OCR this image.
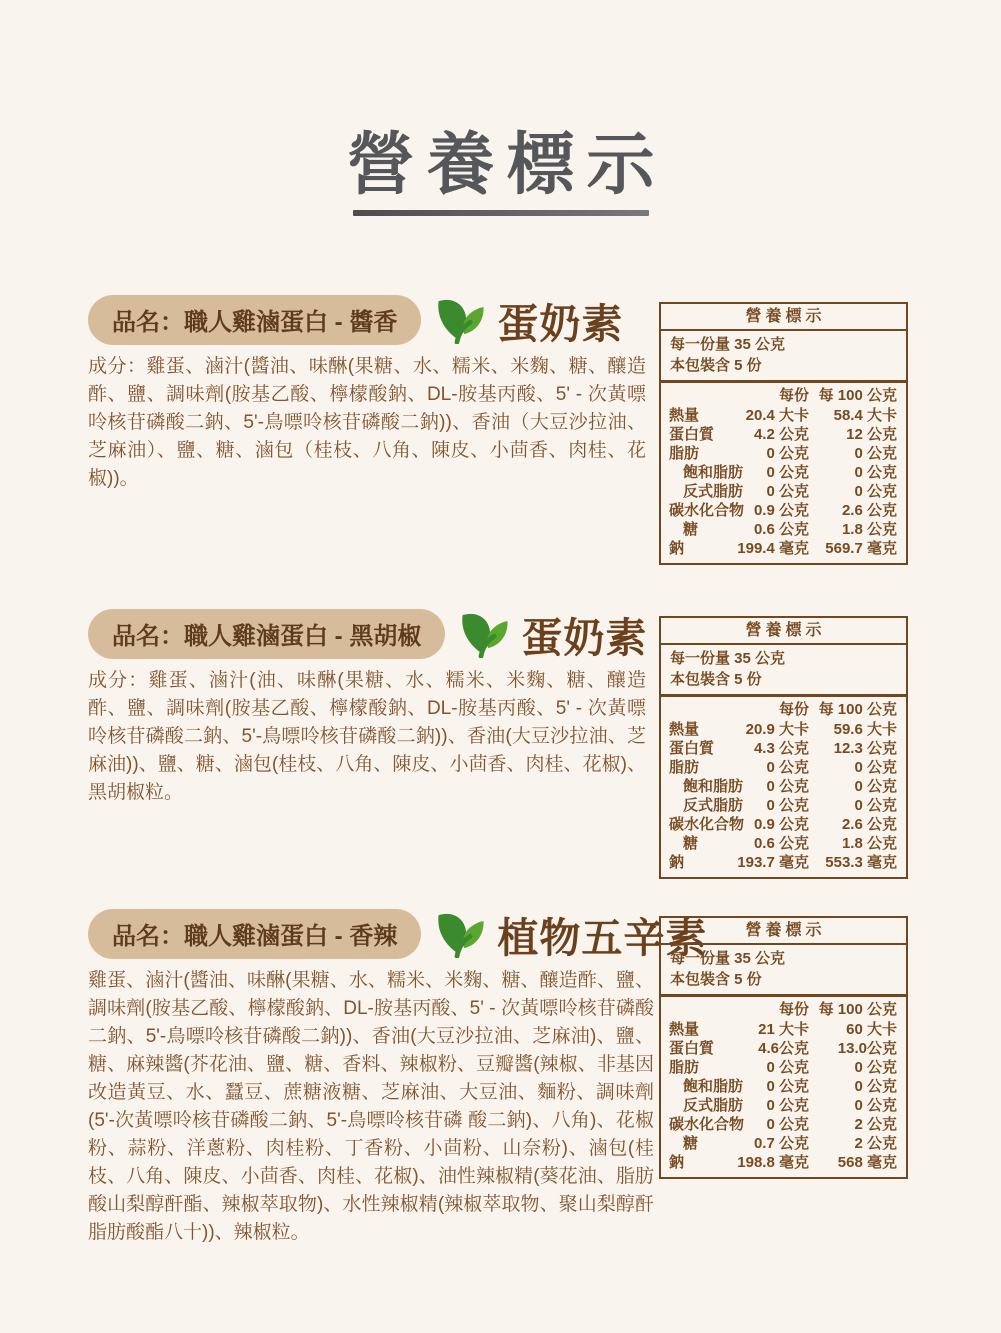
營養標示
品名：職人雞滷蛋白 - 醬香	蛋奶素

成分：雞蛋、滷汁(醬油、味醂(果糖、水、糯米、米麴、糖、釀造酢、鹽、調味劑(胺基乙酸、檸檬酸鈉、DL-胺基丙酸、5' - 次黃嘌呤核苷磷酸二鈉、5'-鳥嘌呤核苷磷酸二鈉))、香油（大豆沙拉油、芝麻油）、鹽、糖、滷包（桂枝、八角、陳皮、小茴香、肉桂、花椒))。

營養標示
每一份量 35 公克
本包裝含 5 份
每份 每 100 公克
熱量	20.4 大卡	58.4 大卡
蛋白質	4.2 公克	12 公克
脂肪	0 公克	0 公克
飽和脂肪	0 公克	0 公克
反式脂肪	0 公克	0 公克
碳水化合物 0.9 公克	2.6 公克
糖	0.6 公克	1.8 公克
鈉	199.4 毫克	569.7 毫克
品名：職人雞滷蛋白 - 黑胡椒	蛋奶素

成分：雞蛋、滷汁(油、味醂(果糖、水、糯米、米麴、糖、釀造酢、鹽、調味劑(胺基乙酸、檸檬酸鈉、DL-胺基丙酸、5' - 次黃嘌呤核苷磷酸二鈉、5'-鳥嘌呤核苷磷酸二鈉))、香油(大豆沙拉油、芝麻油))、鹽、糖、滷包(桂枝、八角、陳皮、小茴香、肉桂、花椒)、黑胡椒粒。

營養標示
每一份量 35 公克
本包裝含 5 份
每份 每 100 公克
熱量	20.9 大卡	59.6 大卡
蛋白質	4.3 公克	12.3 公克
脂肪	0 公克	0 公克
飽和脂肪	0 公克	0 公克
反式脂肪	0 公克	0 公克
碳水化合物 0.9 公克	2.6 公克
糖	0.6 公克	1.8 公克
鈉	193.7 毫克	553.3 毫克
品名：職人雞滷蛋白 - 香辣	植物五辛素

雞蛋、滷汁(醬油、味醂(果糖、水、糯米、米麴、糖、釀造酢、鹽、調味劑(胺基乙酸、檸檬酸鈉、DL-胺基丙酸、5' - 次黃嘌呤核苷磷酸二鈉、5'-鳥嘌呤核苷磷酸二鈉))、香油(大豆沙拉油、芝麻油)、鹽、糖、麻辣醬(芥花油、鹽、糖、香料、辣椒粉、豆瓣醬(辣椒、非基因改造黃豆、水、蠶豆、蔗糖液糖、芝麻油、大豆油、麵粉、調味劑 (5'-次黃嘌呤核苷磷酸二鈉、5'-鳥嘌呤核苷磷 酸二鈉)、八角)、花椒粉、蒜粉、洋蔥粉、肉桂粉、丁香粉、小茴粉、山奈粉)、滷包(桂枝、八角、陳皮、小茴香、肉桂、花椒)、油性辣椒精(葵花油、脂肪酸山梨醇酐酯、辣椒萃取物)、水性辣椒精(辣椒萃取物、聚山梨醇酐脂肪酸酯八十))、辣椒粒。

營養標示
每一份量 35 公克
本包裝含 5 份
每份 每 100 公克
熱量	21 大卡	60 大卡
蛋白質	4.6公克	13.0公克
脂肪	0 公克	0 公克
飽和脂肪	0 公克	0 公克
反式脂肪	0 公克	0 公克
碳水化合物	0 公克	2 公克
糖	0.7 公克	2 公克
鈉	198.8 毫克	568 毫克
